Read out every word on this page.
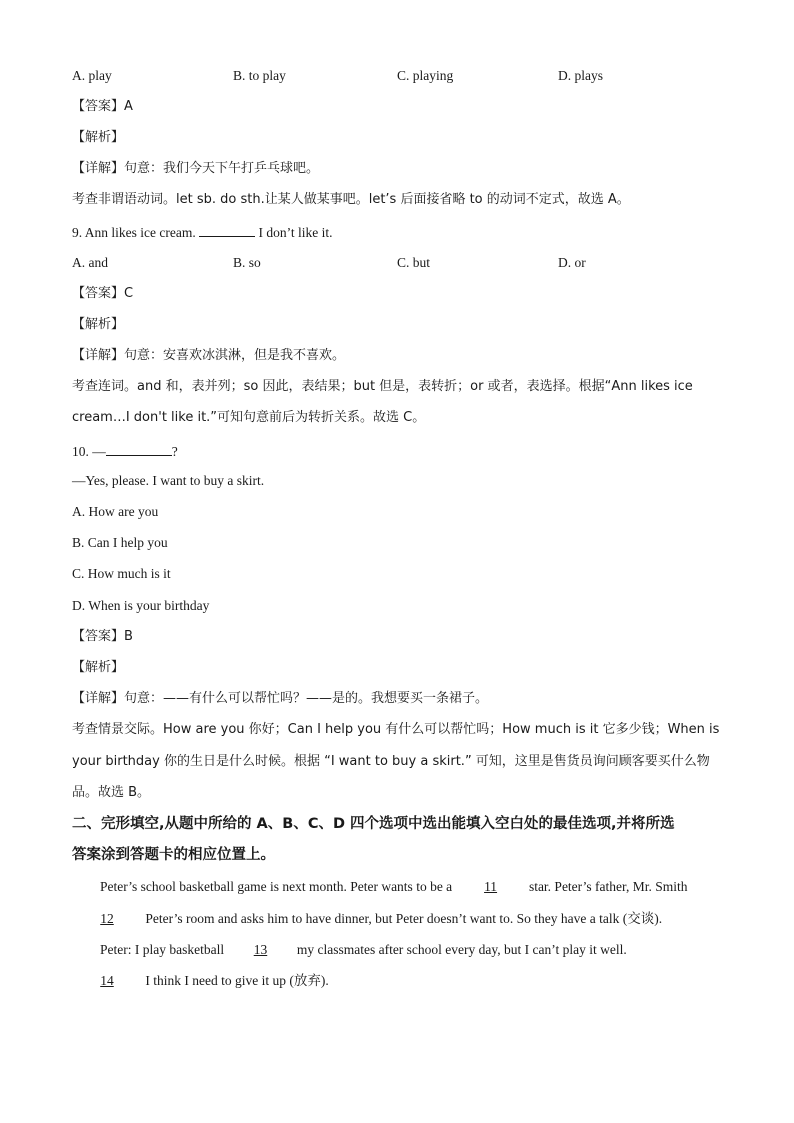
A. play	B. to play	C. playing	D. plays
【答案】A
【解析】
【详解】句意：我们今天下午打乒乓球吧。
考查非谓语动词。let sb. do sth.让某人做某事吧。let’s 后面接省略 to 的动词不定式，故选 A。
9. Ann likes ice cream.	I don’t like it.
A. and	B. so	C. but	D. or
【答案】C
【解析】
【详解】句意：安喜欢冰淇淋，但是我不喜欢。
考查连词。and 和，表并列；so 因此，表结果；but 但是，表转折；or 或者，表选择。根据“Ann likes ice
cream…I don't like it.”可知句意前后为转折关系。故选 C。
10. —	?
—Yes, please. I want to buy a skirt.
A. How are you
B. Can I help you
C. How much is it
D. When is your birthday
【答案】B
【解析】
【详解】句意：——有什么可以帮忙吗？——是的。我想要买一条裙子。
考查情景交际。How are you 你好；Can I help you 有什么可以帮忙吗；How much is it 它多少钱；When is
your birthday 你的生日是什么时候。根据 “I want to buy a skirt.” 可知，这里是售货员询问顾客要买什么物
品。故选 B。
二、完形填空,从题中所给的 A、B、C、D 四个选项中选出能填入空白处的最佳选项,并将所选
答案涂到答题卡的相应位置上。
Peter’s school basketball game is next month. Peter wants to be a 11 star. Peter’s father, Mr. Smith
12 Peter’s room and asks him to have dinner, but Peter doesn’t want to. So they have a talk (交谈).
Peter: I play basketball 13 my classmates after school every day, but I can’t play it well.
14 I think I need to give it up (放弃).
